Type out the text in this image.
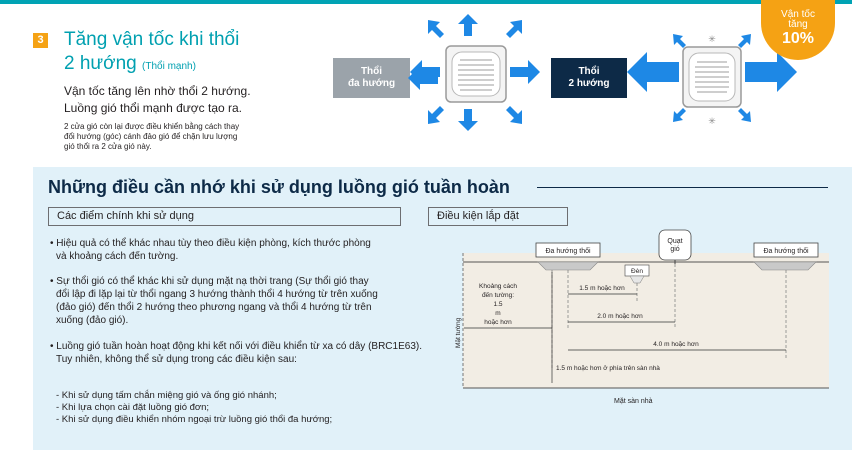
3 Tăng vận tốc khi thổi
2 hướng (Thổi mạnh)
Vận tốc tăng lên nhờ thổi 2 hướng.
Luồng gió thổi mạnh được tạo ra.
2 cửa gió còn lại được điều khiển bằng cách thay
đổi hướng (góc) cánh đảo gió để chặn lưu lượng
gió thổi ra 2 cửa gió này.
Thổi
đa hướng
Thổi
2 hướng
✳
✳
Vận tốc
tăng
10%
Những điều cần nhớ khi sử dụng luồng gió tuần hoàn
Các điểm chính khi sử dụng	Điều kiện lắp đặt
• Hiệu quả có thể khác nhau tùy theo điều kiện phòng, kích thước phòng
và khoảng cách đến tường.
• Sự thổi gió có thể khác khi sử dụng mặt nạ thời trang (Sự thổi gió thay
đổi lập đi lặp lại từ thổi ngang 3 hướng thành thổi 4 hướng từ trên xuống
(đảo gió) đến thổi 2 hướng theo phương ngang và thổi 4 hướng từ trên
xuống (đảo gió).
• Luồng gió tuần hoàn hoạt động khi kết nối với điều khiển từ xa có dây (BRC1E63).
Tuy nhiên, không thể sử dụng trong các điều kiện sau:
- Khi sử dụng tấm chắn miệng gió và ống gió nhánh;
- Khi lựa chọn cài đặt luồng gió đơn;
- Khi sử dụng điều khiển nhóm ngoại trừ luồng gió thổi đa hướng;
Đa hướng thổi	Đa hướng thổi
Quạt
gió
Đèn
Khoảng cách
đến tường:
1.5
m
hoặc hơn
Mặt tường
1.5 m hoặc hơn
2.0 m hoặc hơn
4.0 m hoặc hơn
1.5 m hoặc hơn ở phía trên sàn nhà
Mặt sàn nhà
